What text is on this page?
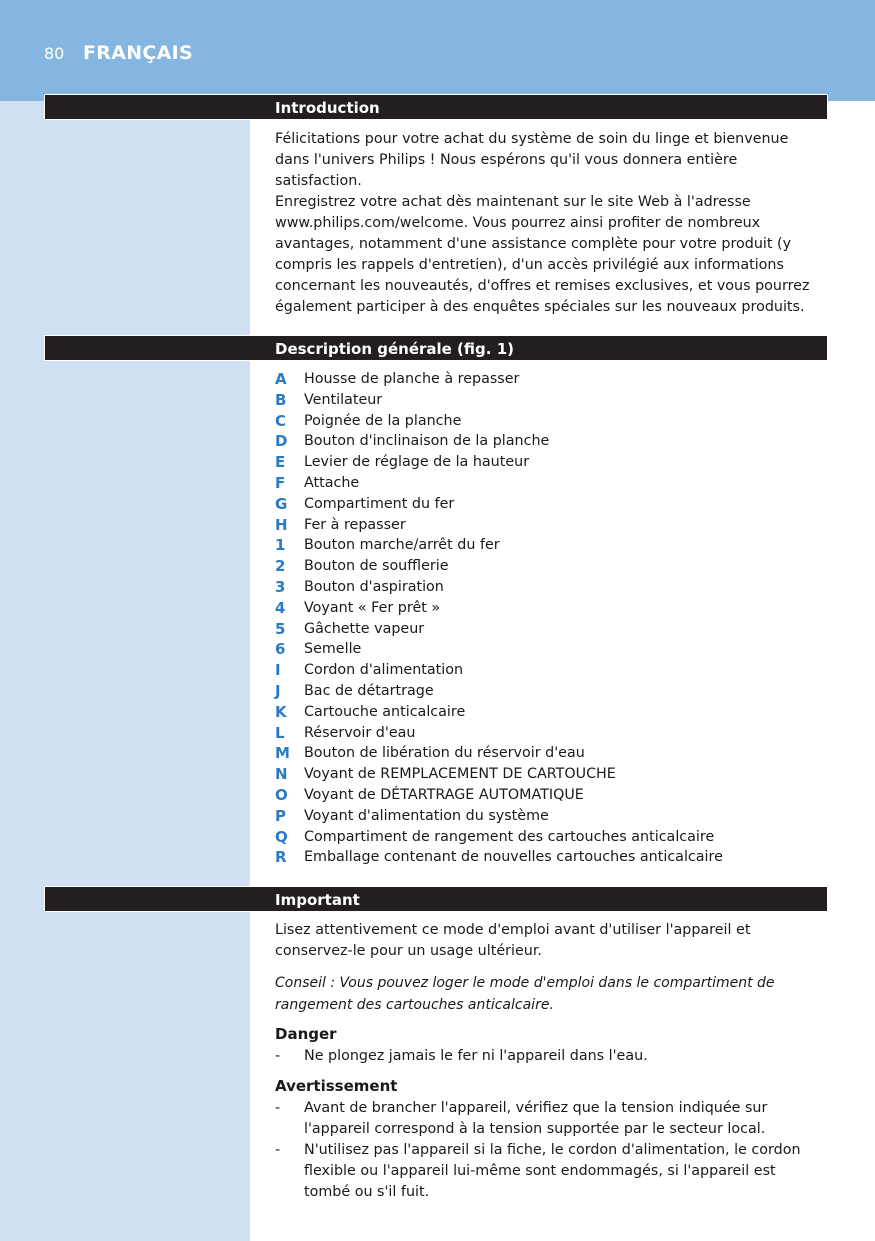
80 FRANÇAIS
Introduction

Félicitations pour votre achat du système de soin du linge et bienvenue dans l'univers Philips ! Nous espérons qu'il vous donnera entière satisfaction.

Enregistrez votre achat dès maintenant sur le site Web à l'adresse www.philips.com/welcome. Vous pourrez ainsi profiter de nombreux avantages, notamment d'une assistance complète pour votre produit (y compris les rappels d'entretien), d'un accès privilégié aux informations concernant les nouveautés, d'offres et remises exclusives, et vous pourrez également participer à des enquêtes spéciales sur les nouveaux produits.

Description générale (fig. 1)
A	Housse de planche à repasser
B	Ventilateur
C	Poignée de la planche
D	Bouton d'inclinaison de la planche
E	Levier de réglage de la hauteur
F	Attache
G	Compartiment du fer
H	Fer à repasser
1	Bouton marche/arrêt du fer
2	Bouton de soufflerie
3	Bouton d'aspiration
4	Voyant « Fer prêt »
5	Gâchette vapeur
6	Semelle
I	Cordon d'alimentation
J	Bac de détartrage
K	Cartouche anticalcaire
L	Réservoir d'eau
M Bouton de libération du réservoir d'eau
N	Voyant de REMPLACEMENT DE CARTOUCHE
O	Voyant de DÉTARTRAGE AUTOMATIQUE
P	Voyant d'alimentation du système
Q	Compartiment de rangement des cartouches anticalcaire
R	Emballage contenant de nouvelles cartouches anticalcaire
Important

Lisez attentivement ce mode d'emploi avant d'utiliser l'appareil et conservez-le pour un usage ultérieur.

Conseil : Vous pouvez loger le mode d'emploi dans le compartiment de rangement des cartouches anticalcaire.
Danger
-	Ne plongez jamais le fer ni l'appareil dans l'eau.
Avertissement
-	Avant de brancher l'appareil, vérifiez que la tension indiquée sur l'appareil correspond à la tension supportée par le secteur local.
-	N'utilisez pas l'appareil si la fiche, le cordon d'alimentation, le cordon flexible ou l'appareil lui-même sont endommagés, si l'appareil est tombé ou s'il fuit.
